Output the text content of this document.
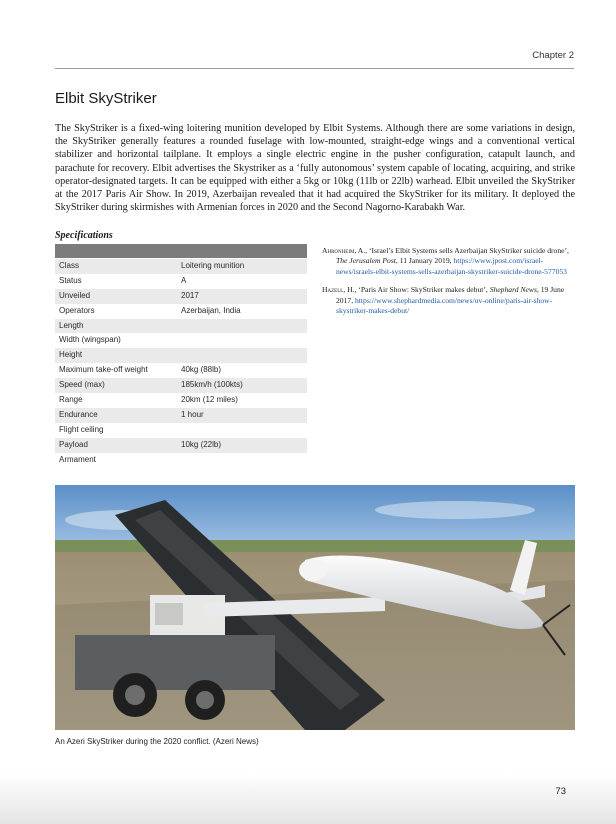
Chapter 2
Elbit SkyStriker

The SkyStriker is a fixed-wing loitering munition developed by Elbit Systems. Although there are some variations in design, the SkyStriker generally features a rounded fuselage with low-mounted, straight-edge wings and a conventional vertical stabilizer and horizontal tailplane. It employs a single electric engine in the pusher configuration, catapult launch, and parachute for recovery. Elbit advertises the Skystriker as a ‘fully autonomous’ system capable of locating, acquiring, and strike operator-designated targets. It can be equipped with either a 5kg or 10kg (11lb or 22lb) warhead. Elbit unveiled the SkyStriker at the 2017 Paris Air Show. In 2019, Azerbaijan revealed that it had acquired the SkyStriker for its military. It deployed the SkyStriker during skirmishes with Armenian forces in 2020 and the Second Nagorno-Karabakh War.

Specifications
Class	Loitering munition
Status	A
Unveiled	2017
Operators	Azerbaijan, India
Length
Width (wingspan)
Height
Maximum take-off weight	40kg (88lb)
Speed (max)	185km/h (100kts)
Range	20km (12 miles)
Endurance	1 hour
Flight ceiling
Payload	10kg (22lb)
Armament

Ahronheim, A., ‘Israel’s Elbit Systems sells Azerbaijan SkyStriker suicide drone’, The Jerusalem Post, 11 January 2019, https://www.jpost.com/israel-news/israels-elbit-systems-sells-azerbaijan-skystriker-suicide-drone-577053

Hazell, H., ‘Paris Air Show: SkyStriker makes debut’, Shephard News, 19 June 2017, https://www.shephardmedia.com/news/uv-online/paris-air-show-skystriker-makes-debut/

An Azeri SkyStriker during the 2020 conflict. (Azeri News)
73
